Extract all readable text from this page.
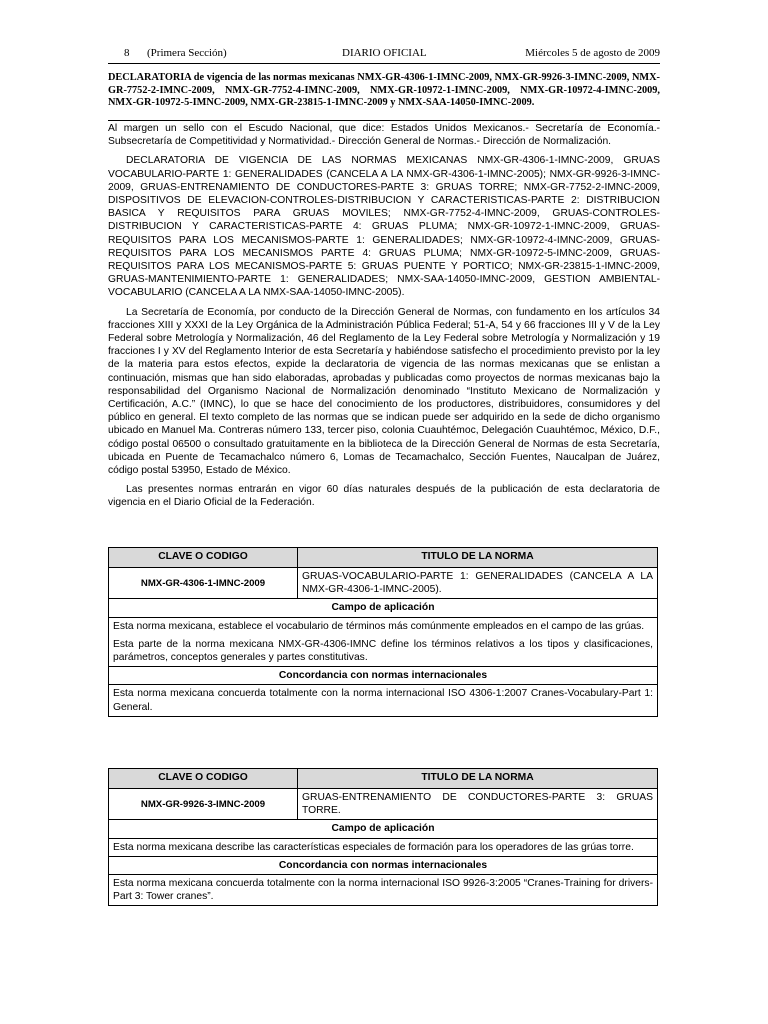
8 (Primera Sección)	DIARIO OFICIAL	Miércoles 5 de agosto de 2009
DECLARATORIA de vigencia de las normas mexicanas NMX-GR-4306-1-IMNC-2009, NMX-GR-9926-3-IMNC-2009, NMX-GR-7752-2-IMNC-2009, NMX-GR-7752-4-IMNC-2009, NMX-GR-10972-1-IMNC-2009, NMX-GR-10972-4-IMNC-2009, NMX-GR-10972-5-IMNC-2009, NMX-GR-23815-1-IMNC-2009 y NMX-SAA-14050-IMNC-2009.

Al margen un sello con el Escudo Nacional, que dice: Estados Unidos Mexicanos.- Secretaría de Economía.- Subsecretaría de Competitividad y Normatividad.- Dirección General de Normas.- Dirección de Normalización.

DECLARATORIA DE VIGENCIA DE LAS NORMAS MEXICANAS NMX-GR-4306-1-IMNC-2009, GRUAS VOCABULARIO-PARTE 1: GENERALIDADES (CANCELA A LA NMX-GR-4306-1-IMNC-2005); NMX-GR-9926-3-IMNC-2009, GRUAS-ENTRENAMIENTO DE CONDUCTORES-PARTE 3: GRUAS TORRE; NMX-GR-7752-2-IMNC-2009, DISPOSITIVOS DE ELEVACION-CONTROLES-DISTRIBUCION Y CARACTERISTICAS-PARTE 2: DISTRIBUCION BASICA Y REQUISITOS PARA GRUAS MOVILES; NMX-GR-7752-4-IMNC-2009, GRUAS-CONTROLES-DISTRIBUCION Y CARACTERISTICAS-PARTE 4: GRUAS PLUMA; NMX-GR-10972-1-IMNC-2009, GRUAS-REQUISITOS PARA LOS MECANISMOS-PARTE 1: GENERALIDADES; NMX-GR-10972-4-IMNC-2009, GRUAS-REQUISITOS PARA LOS MECANISMOS PARTE 4: GRUAS PLUMA; NMX-GR-10972-5-IMNC-2009, GRUAS-REQUISITOS PARA LOS MECANISMOS-PARTE 5: GRUAS PUENTE Y PORTICO; NMX-GR-23815-1-IMNC-2009, GRUAS-MANTENIMIENTO-PARTE 1: GENERALIDADES; NMX-SAA-14050-IMNC-2009, GESTION AMBIENTAL-VOCABULARIO (CANCELA A LA NMX-SAA-14050-IMNC-2005).

La Secretaría de Economía, por conducto de la Dirección General de Normas, con fundamento en los artículos 34 fracciones XIII y XXXI de la Ley Orgánica de la Administración Pública Federal; 51-A, 54 y 66 fracciones III y V de la Ley Federal sobre Metrología y Normalización, 46 del Reglamento de la Ley Federal sobre Metrología y Normalización y 19 fracciones I y XV del Reglamento Interior de esta Secretaría y habiéndose satisfecho el procedimiento previsto por la ley de la materia para estos efectos, expide la declaratoria de vigencia de las normas mexicanas que se enlistan a continuación, mismas que han sido elaboradas, aprobadas y publicadas como proyectos de normas mexicanas bajo la responsabilidad del Organismo Nacional de Normalización denominado “Instituto Mexicano de Normalización y Certificación, A.C.” (IMNC), lo que se hace del conocimiento de los productores, distribuidores, consumidores y del público en general. El texto completo de las normas que se indican puede ser adquirido en la sede de dicho organismo ubicado en Manuel Ma. Contreras número 133, tercer piso, colonia Cuauhtémoc, Delegación Cuauhtémoc, México, D.F., código postal 06500 o consultado gratuitamente en la biblioteca de la Dirección General de Normas de esta Secretaría, ubicada en Puente de Tecamachalco número 6, Lomas de Tecamachalco, Sección Fuentes, Naucalpan de Juárez, código postal 53950, Estado de México.

Las presentes normas entrarán en vigor 60 días naturales después de la publicación de esta declaratoria de vigencia en el Diario Oficial de la Federación.

CLAVE O CODIGO	TITULO DE LA NORMA
NMX-GR-4306-1-IMNC-2009	GRUAS-VOCABULARIO-PARTE 1: GENERALIDADES (CANCELA A LA NMX-GR-4306-1-IMNC-2005).
Campo de aplicación	

Esta norma mexicana, establece el vocabulario de términos más comúnmente empleados en el campo de las grúas.
Esta parte de la norma mexicana NMX-GR-4306-IMNC define los términos relativos a los tipos y clasificaciones, parámetros, conceptos generales y partes constitutivas.	

Concordancia con normas internacionales	
Esta norma mexicana concuerda totalmente con la norma internacional ISO 4306-1:2007 Cranes-Vocabulary-Part 1: General.	
CLAVE O CODIGO	TITULO DE LA NORMA
NMX-GR-9926-3-IMNC-2009	GRUAS-ENTRENAMIENTO DE CONDUCTORES-PARTE 3: GRUAS TORRE.
Campo de aplicación	
Esta norma mexicana describe las características especiales de formación para los operadores de las grúas torre.	
Concordancia con normas internacionales	
Esta norma mexicana concuerda totalmente con la norma internacional ISO 9926-3:2005 “Cranes-Training for drivers-Part 3: Tower cranes”.	
